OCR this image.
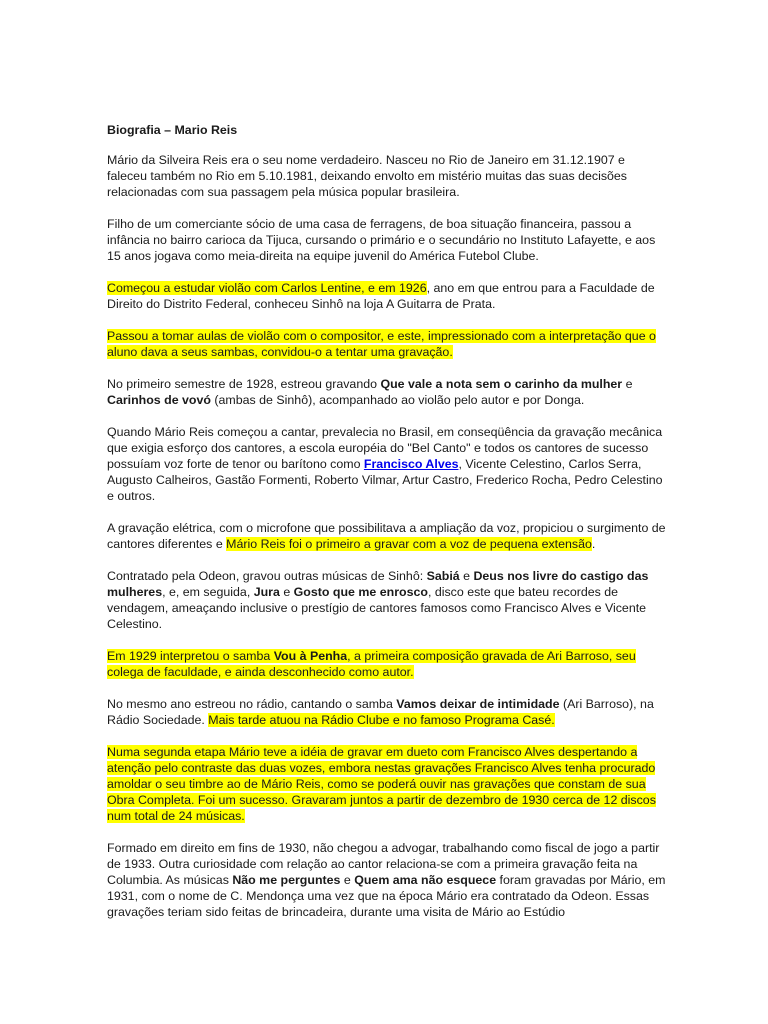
Biografia – Mario Reis

Mário da Silveira Reis era o seu nome verdadeiro. Nasceu no Rio de Janeiro em 31.12.1907 e faleceu também no Rio em 5.10.1981, deixando envolto em mistério muitas das suas decisões relacionadas com sua passagem pela música popular brasileira.

Filho de um comerciante sócio de uma casa de ferragens, de boa situação financeira, passou a infância no bairro carioca da Tijuca, cursando o primário e o secundário no Instituto Lafayette, e aos 15 anos jogava como meia-direita na equipe juvenil do América Futebol Clube.

Começou a estudar violão com Carlos Lentine, e em 1926, ano em que entrou para a Faculdade de Direito do Distrito Federal, conheceu Sinhô na loja A Guitarra de Prata.

Passou a tomar aulas de violão com o compositor, e este, impressionado com a interpretação que o aluno dava a seus sambas, convidou-o a tentar uma gravação.

No primeiro semestre de 1928, estreou gravando Que vale a nota sem o carinho da mulher e Carinhos de vovó (ambas de Sinhô), acompanhado ao violão pelo autor e por Donga.

Quando Mário Reis começou a cantar, prevalecia no Brasil, em conseqüência da gravação mecânica que exigia esforço dos cantores, a escola européia do "Bel Canto" e todos os cantores de sucesso possuíam voz forte de tenor ou barítono como Francisco Alves, Vicente Celestino, Carlos Serra, Augusto Calheiros, Gastão Formenti, Roberto Vilmar, Artur Castro, Frederico Rocha, Pedro Celestino e outros.

A gravação elétrica, com o microfone que possibilitava a ampliação da voz, propiciou o surgimento de cantores diferentes e Mário Reis foi o primeiro a gravar com a voz de pequena extensão.

Contratado pela Odeon, gravou outras músicas de Sinhô: Sabiá e Deus nos livre do castigo das mulheres, e, em seguida, Jura e Gosto que me enrosco, disco este que bateu recordes de vendagem, ameaçando inclusive o prestígio de cantores famosos como Francisco Alves e Vicente Celestino.

Em 1929 interpretou o samba Vou à Penha, a primeira composição gravada de Ari Barroso, seu colega de faculdade, e ainda desconhecido como autor.

No mesmo ano estreou no rádio, cantando o samba Vamos deixar de intimidade (Ari Barroso), na Rádio Sociedade. Mais tarde atuou na Rádio Clube e no famoso Programa Casé.

Numa segunda etapa Mário teve a idéia de gravar em dueto com Francisco Alves despertando a atenção pelo contraste das duas vozes, embora nestas gravações Francisco Alves tenha procurado amoldar o seu timbre ao de Mário Reis, como se poderá ouvir nas gravações que constam de sua Obra Completa. Foi um sucesso. Gravaram juntos a partir de dezembro de 1930 cerca de 12 discos num total de 24 músicas.

Formado em direito em fins de 1930, não chegou a advogar, trabalhando como fiscal de jogo a partir de 1933. Outra curiosidade com relação ao cantor relaciona-se com a primeira gravação feita na Columbia. As músicas Não me perguntes e Quem ama não esquece foram gravadas por Mário, em 1931, com o nome de C. Mendonça uma vez que na época Mário era contratado da Odeon. Essas gravações teriam sido feitas de brincadeira, durante uma visita de Mário ao Estúdio
